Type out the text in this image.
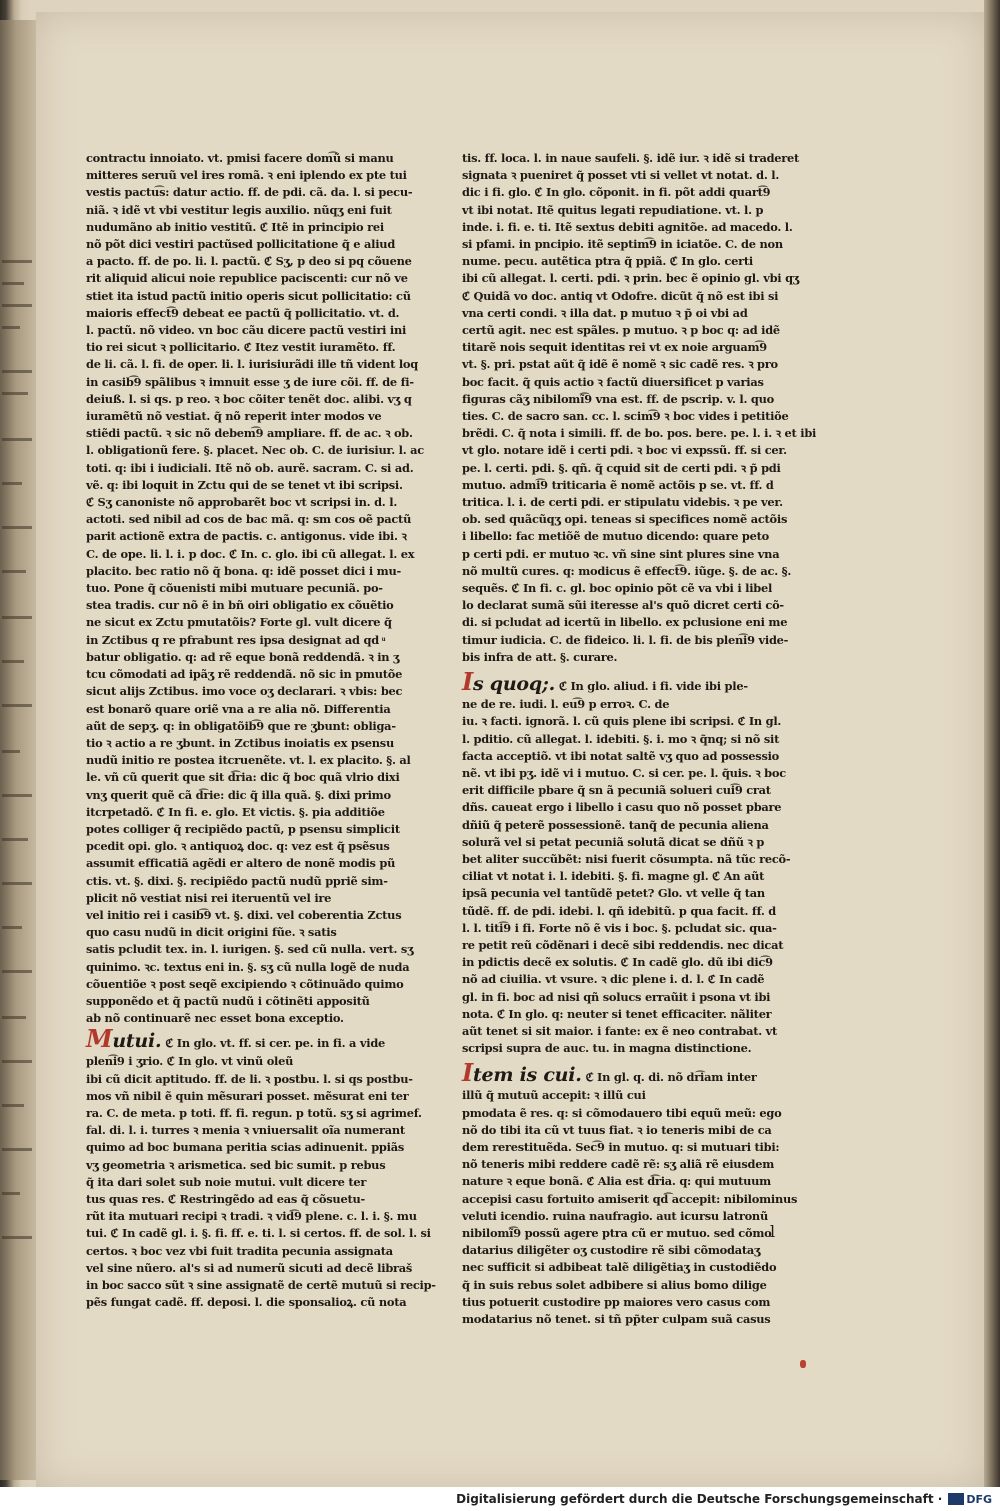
contractu innoiato. vt. pmisi facere dom͡ũ si manu
mitteres seruũ vel ires romã. ꝛ eni iplendo ex pte tui
vestis pactu͡s: datur actio. ff. de pdi. cã. da. l. si pecu-
niã. ꝛ idẽ vt vbi vestitur legis auxilio. nũqʒ eni fuit
nudumãno ab initio vestitũ. ℭ Itẽ in principio rei
nõ põt dici vestiri pactũsed pollicitatione q̃ e aliud
a pacto. ff. de po. li. l. pactũ. ℭ Sʒ, p deo si pq cõuene
rit aliquid alicui noie republice paciscenti: cur nõ ve
stiet ita istud pactũ initio operis sicut pollicitatio: cũ
maioris effect͡9 debeat ee pactũ q̃ pollicitatio. vt. d.
l. pactũ. nõ video. vn boc cãu dicere pactũ vestiri ini
tio rei sicut ꝛ pollicitario. ℭ Itez vestit iuramẽto. ff.
de li. cã. l. fi. de oper. li. l. iurisiurãdi ille tñ vident loq
in casib͡9 spãlibus ꝛ imnuit esse ʒ de iure cõi. ff. de fi-
deiuß. l. si qs. p reo. ꝛ boc cõiter tenẽt doc. alibi. vʒ q
iuramẽtũ nõ vestiat. q̃ nõ reperit inter modos ve
stiẽdi pactũ. ꝛ sic nõ debem͡9 ampliare. ff. de ac. ꝛ ob.
l. obligationũ fere. §. placet. Nec ob. C. de iurisiur. l. ac
toti. q: ibi i iudiciali. Itẽ nõ ob. aurẽ. sacram. C. si ad.
vẽ. q: ibi loquit in Zctu qui de se tenet vt ibi scripsi.
ℭ Sʒ canoniste nõ approbarẽt boc vt scripsi in. d. l.
actoti. sed nibil ad cos de bac mã. q: sm cos oẽ pactũ
parit actionẽ extra de pactis. c. antigonus. vide ibi. ꝛ
C. de ope. li. l. i. p doc. ℭ In. c. glo. ibi cũ allegat. l. ex
placito. bec ratio nõ q̃ bona. q: idẽ posset dici i mu-
tuo. Pone q̃ cõuenisti mibi mutuare pecuniã. po-
stea tradis. cur nõ ẽ in bñ oiri obligatio ex cõuẽtio
ne sicut ex Zctu pmutatõis? Forte gl. vult dicere q̃
in Zctibus q re pfrabunt res ipsa designat ad qd ͧ
batur obligatio. q: ad rẽ eque bonã reddendã. ꝛ in ʒ
tcu cõmodati ad ipãʒ rẽ reddendã. nõ sic in pmutõe
sicut alijs Zctibus. imo voce oʒ declarari. ꝛ vbis: bec
est bonarõ quare oriẽ vna a re alia nõ. Differentia
aũt de sepʒ. q: in obligatõib͡9 que re ʒbunt: obliga-
tio ꝛ actio a re ʒbunt. in Zctibus inoiatis ex psensu
nudũ initio re postea itcruenẽte. vt. l. ex placito. §. al
le. vñ cũ querit que sit d͡ria: dic q̃ boc quã vlrio dixi
vnʒ querit quẽ cã d͡rie: dic q̃ illa quã. §. dixi primo
itcrpetadõ. ℭ In fi. e. glo. Et victis. §. pia additiõe
potes colliger q̃ recipiẽdo pactũ, p psensu simplicit
pcedit opi. glo. ꝛ antiquoꝝ doc. q: vez est q̃ psẽsus
assumit efficatiã agẽdi er altero de nonẽ modis pũ
ctis. vt. §. dixi. §. recipiẽdo pactũ nudũ ppriẽ sim-
plicit nõ vestiat nisi rei iteruentũ vel ire
vel initio rei i casib͡9 vt. §. dixi. vel coberentia Zctus
quo casu nudũ in dicit origini fũe. ꝛ satis
satis pcludit tex. in. l. iurigen. §. sed cũ nulla. vert. sʒ
quinimo. ꝛc. textus eni in. §. sʒ cũ nulla logẽ de nuda
cõuentiõe ꝛ post seqẽ excipiendo ꝛ cõtinuãdo quimo
supponẽdo et q̃ pactũ nudũ i cõtinẽti appositũ
ab nõ continuarẽ nec esset bona exceptio.
Mutui. ℭ In glo. vt. ff. si cer. pe. in fi. a vide
plen͡i9 i ʒrio. ℭ In glo. vt vinũ oleũ
ibi cũ dicit aptitudo. ff. de li. ꝛ postbu. l. si qs postbu-
mos vñ nibil ẽ quin mẽsurari posset. mẽsurat eni ter
ra. C. de meta. p toti. ff. fi. regun. p totũ. sʒ si agrimef.
fal. di. l. i. turres ꝛ menia ꝛ vniuersalit oĩa numerant
quimo ad boc bumana peritia scias adinuenit. ppiãs
vʒ geometria ꝛ arismetica. sed bic sumit. p rebus
q̃ ita dari solet sub noie mutui. vult dicere ter
tus quas res. ℭ Restringẽdo ad eas q̃ cõsuetu-
rũt ita mutuari recipi ꝛ tradi. ꝛ vid͡9 plene. c. l. i. §. mu
tui. ℭ In cadẽ gl. i. §. fi. ff. e. ti. l. si certos. ff. de sol. l. si
certos. ꝛ boc vez vbi fuit tradita pecunia assignata
vel sine nũero. al's si ad numerũ sicuti ad decẽ libraš
in boc sacco sũt ꝛ sine assignatẽ de certẽ mutuũ si recip-
pẽs fungat cadẽ. ff. deposi. l. die sponsalioꝝ. cũ nota
tis. ff. loca. l. in naue saufeli. §. idẽ iur. ꝛ idẽ si traderet
signata ꝛ pueniret q̃ posset vti si vellet vt notat. d. l.
dic i fi. glo. ℭ In glo. cõponit. in fi. põt addi quart͡9
vt ibi notat. Itẽ quitus legati repudiatione. vt. l. p
inde. i. fi. e. ti. Itẽ sextus debiti agnitõe. ad macedo. l.
si pfami. in pncipio. itẽ septim͡9 in iciatõe. C. de non
nume. pecu. autẽtica ptra q̃ ppiã. ℭ In glo. certi
ibi cũ allegat. l. certi. pdi. ꝛ prin. bec ẽ opinio gl. vbi qʒ
ℭ Quidã vo doc. antiq vt Odofre. dicũt q̃ nõ est ibi si
vna certi condi. ꝛ illa dat. p mutuo ꝛ p̃ oi vbi ad
certũ agit. nec est spãles. p mutuo. ꝛ p boc q: ad idẽ
titarẽ nois sequit identitas rei vt ex noie arguam͡9
vt. §. pri. pstat aũt q̃ idẽ ẽ nomẽ ꝛ sic cadẽ res. ꝛ pro
boc facit. q̃ quis actio ꝛ factũ diuersificet p varias
figuras cãʒ nibilomĩ͡9 vna est. ff. de pscrip. v. l. quo
ties. C. de sacro san. cc. l. scim͡9 ꝛ boc vides i petitiõe
brẽdi. C. q̃ nota i simili. ff. de bo. pos. bere. pe. l. i. ꝛ et ibi
vt glo. notare idẽ i certi pdi. ꝛ boc vi expssũ. ff. si cer.
pe. l. certi. pdi. §. qñ. q̃ cquid sit de certi pdi. ꝛ p̃ pdi
mutuo. admi͡9 triticaria ẽ nomẽ actõis p se. vt. ff. d
tritica. l. i. de certi pdi. er stipulatu videbis. ꝛ pe ver.
ob. sed quãcũqʒ opi. teneas si specifices nomẽ actõis
i libello: fac metiõẽ de mutuo dicendo: quare peto
p certi pdi. er mutuo ꝛc. vñ sine sint plures sine vna
nõ multũ cures. q: modicus ẽ effect͡9. iũge. §. de ac. §.
sequẽs. ℭ In fi. c. gl. boc opinio põt cẽ va vbi i libel
lo declarat sumã sũi iteresse al's quõ dicret certi cõ-
di. si pcludat ad icertũ in libello. ex pclusione eni me
timur iudicia. C. de fideico. li. l. fi. de bis plen͡i9 vide-
bis infra de att. §. curare.
Is quoq;. ℭ In glo. aliud. i fi. vide ibi ple-
ne de re. iudi. l. eu͡9 p erroꝛ. C. de
iu. ꝛ facti. ignorã. l. cũ quis plene ibi scripsi. ℭ In gl.
l. pditio. cũ allegat. l. idebiti. §. i. mo ꝛ q̃nq; si nõ sit
facta acceptiõ. vt ibi notat saltẽ vʒ quo ad possessio
nẽ. vt ibi pʒ. idẽ vi i mutuo. C. si cer. pe. l. q̃uis. ꝛ boc
erit difficile pbare q̃ sn ã pecuniã solueri cui͡9 crat
dñs. caueat ergo i libello i casu quo nõ posset pbare
dñiũ q̃ peterẽ possessionẽ. tanq̃ de pecunia aliena
solurã vel si petat pecuniã solutã dicat se dñũ ꝛ p
bet aliter succũbẽt: nisi fuerit cõsumpta. nã tũc recõ-
ciliat vt notat i. l. idebiti. §. fi. magne gl. ℭ An aũt
ipsã pecunia vel tantũdẽ petet? Glo. vt velle q̃ tan
tũdẽ. ff. de pdi. idebi. l. qñ idebitũ. p qua facit. ff. d
l. l. titi͡9 i fi. Forte nõ ẽ vis i boc. §. pcludat sic. qua-
re petit reũ cõdẽnari i decẽ sibi reddendis. nec dicat
in pdictis decẽ ex solutis. ℭ In cadẽ glo. dũ ibi dic͡9
nõ ad ciuilia. vt vsure. ꝛ dic plene i. d. l. ℭ In cadẽ
gl. in fi. boc ad nisi qñ solucs erraũit i psona vt ibi
nota. ℭ In glo. q: neuter si tenet efficaciter. nãliter
aũt tenet si sit maior. i fante: ex ẽ neo contrabat. vt
scripsi supra de auc. tu. in magna distinctione.
Item is cui. ℭ In gl. q. di. nõ dr͡iam inter
illũ q̃ mutuũ accepit: ꝛ illũ cui
pmodata ẽ res. q: si cõmodauero tibi equũ meũ: ego
nõ do tibi ita cũ vt tuus fiat. ꝛ io teneris mibi de ca
dem rerestituẽda. Sec͡9 in mutuo. q: si mutuari tibi:
nõ teneris mibi reddere cadẽ rẽ: sʒ aliã rẽ eiusdem
nature ꝛ eque bonã. ℭ Alia est d͡ria. q: qui mutuum
accepisi casu fortuito amiserit qd͡ accepit: nibilominus
veluti icendio. ruina naufragio. aut icursu latronũ
nibilomĩ͡9 possũ agere ptra cũ er mutuo. sed cõmo
datarius diligẽter oʒ custodire rẽ sibi cõmodataʒ
nec sufficit si adbibeat talẽ diligẽtiaʒ in custodiẽdo
q̃ in suis rebus solet adbibere si alius bomo dilige
tius potuerit custodire pp maiores vero casus com
modatarius nõ tenet. si tñ pp̃ter culpam suã casus
l
Digitalisierung gefördert durch die Deutsche Forschungsgemeinschaft · DFG
